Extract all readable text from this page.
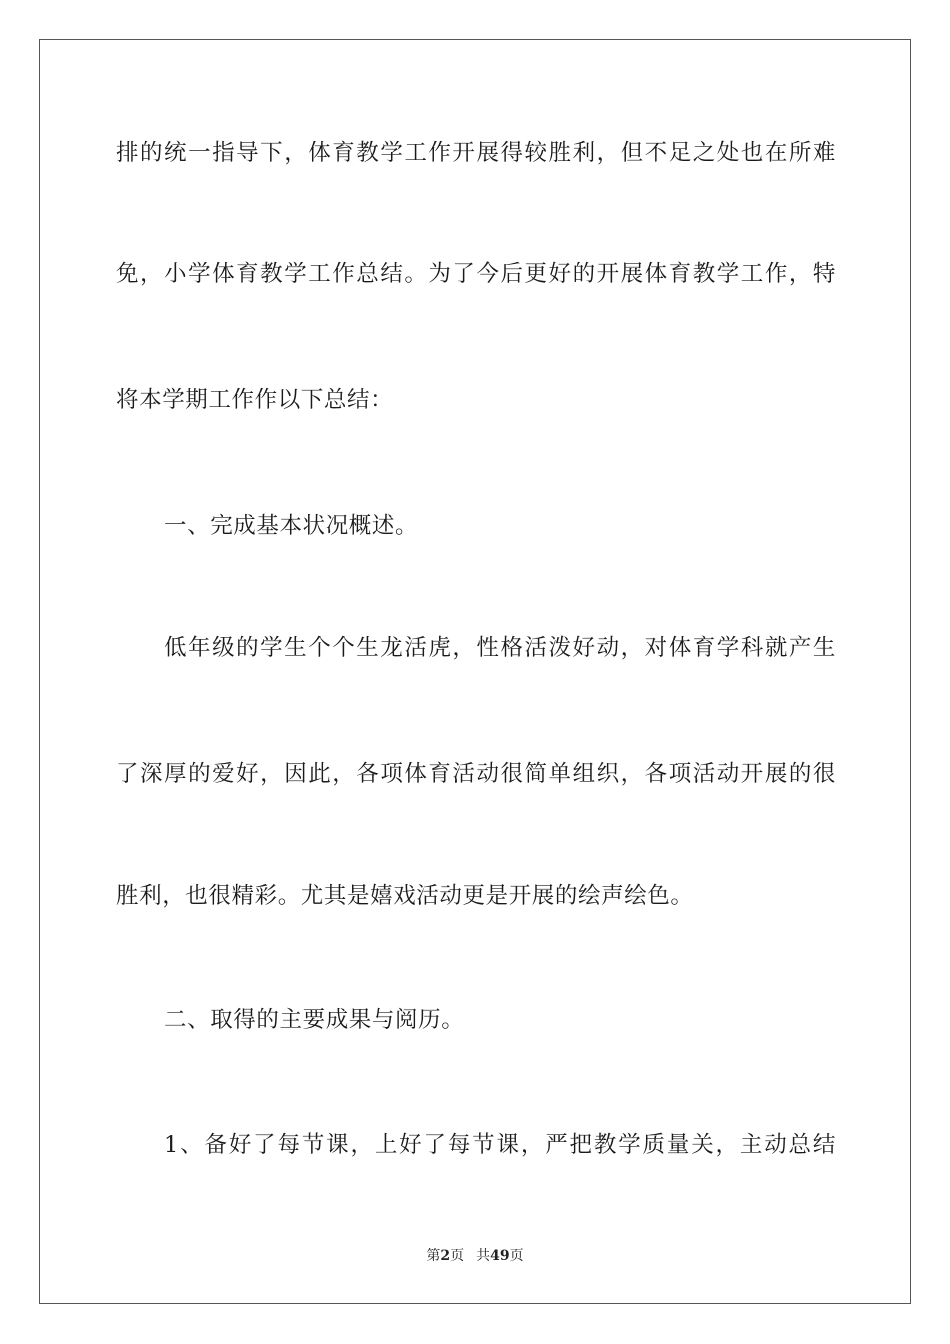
排的统一指导下，体育教学工作开展得较胜利，但不足之处也在所难
免，小学体育教学工作总结。为了今后更好的开展体育教学工作，特
将本学期工作作以下总结：
一、完成基本状况概述。
低年级的学生个个生龙活虎，性格活泼好动，对体育学科就产生
了深厚的爱好，因此，各项体育活动很简单组织，各项活动开展的很
胜利，也很精彩。尤其是嬉戏活动更是开展的绘声绘色。
二、取得的主要成果与阅历。
1、备好了每节课，上好了每节课，严把教学质量关，主动总结
第2页 共49页
